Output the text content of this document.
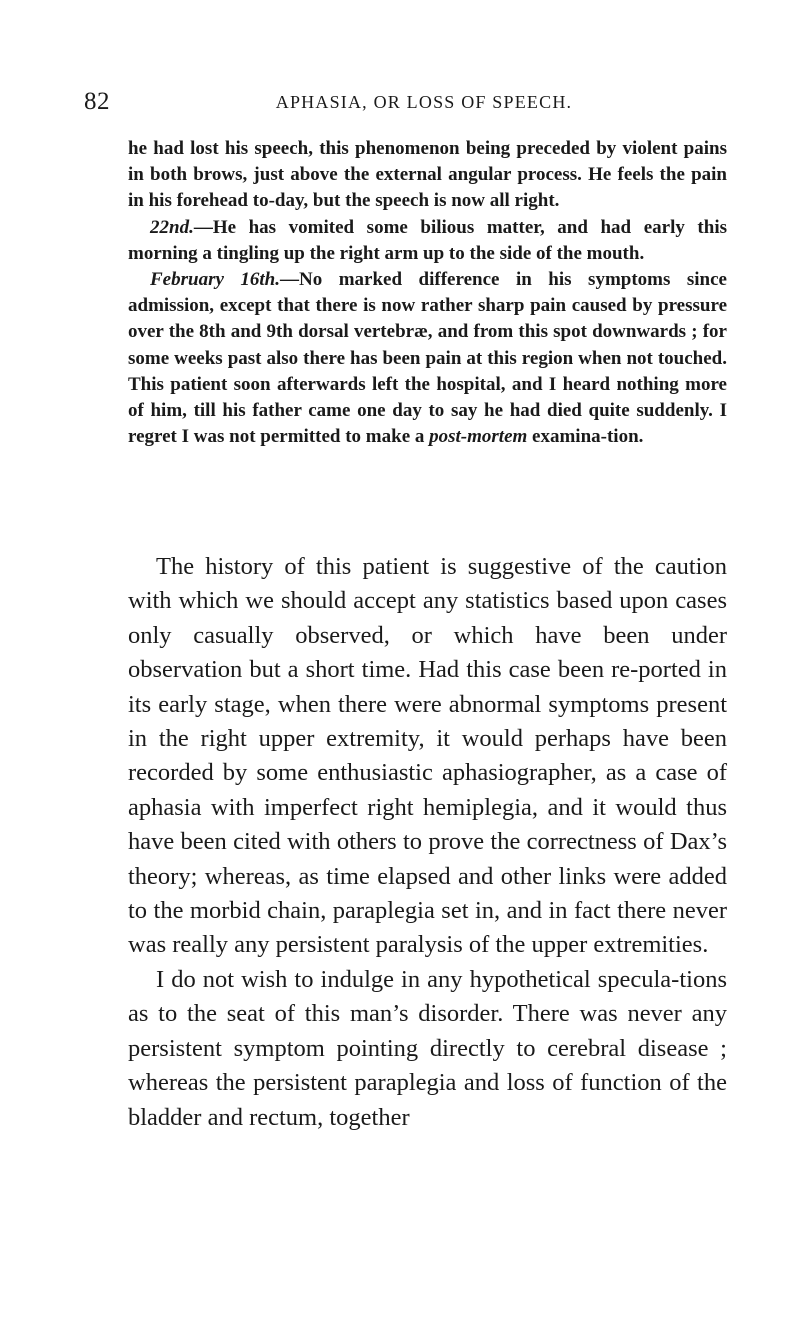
82	APHASIA, OR LOSS OF SPEECH.

he had lost his speech, this phenomenon being preceded by violent pains in both brows, just above the external angular process. He feels the pain in his forehead to-day, but the speech is now all right.

22nd.—He has vomited some bilious matter, and had early this morning a tingling up the right arm up to the side of the mouth.

February 16th.—No marked difference in his symptoms since admission, except that there is now rather sharp pain caused by pressure over the 8th and 9th dorsal vertebræ, and from this spot downwards ; for some weeks past also there has been pain at this region when not touched. This patient soon afterwards left the hospital, and I heard nothing more of him, till his father came one day to say he had died quite suddenly. I regret I was not permitted to make a post-mortem examina-tion.

The history of this patient is suggestive of the caution with which we should accept any statistics based upon cases only casually observed, or which have been under observation but a short time. Had this case been re-ported in its early stage, when there were abnormal symptoms present in the right upper extremity, it would perhaps have been recorded by some enthusiastic aphasiographer, as a case of aphasia with imperfect right hemiplegia, and it would thus have been cited with others to prove the correctness of Dax’s theory; whereas, as time elapsed and other links were added to the morbid chain, paraplegia set in, and in fact there never was really any persistent paralysis of the upper extremities.

I do not wish to indulge in any hypothetical specula-tions as to the seat of this man’s disorder. There was never any persistent symptom pointing directly to cerebral disease ; whereas the persistent paraplegia and loss of function of the bladder and rectum, together
